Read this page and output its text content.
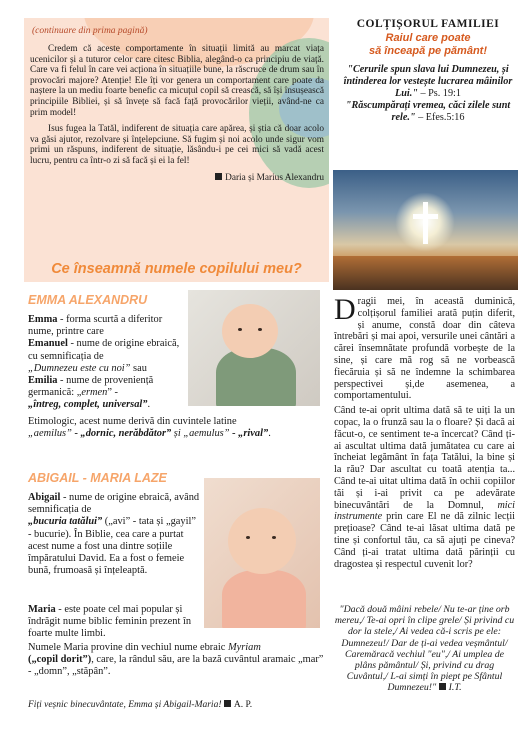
(continuare din prima pagină)

Credem că aceste comportamente în situații limită au marcat viața ucenicilor și a tuturor celor care citesc Biblia, alegând-o ca principiu de viață. Care va fi felul în care vei acționa în situațiile bune, la răscruce de drum sau în provocări majore? Atenție! Ele îți vor genera un comportament care poate da naștere la un mediu foarte benefic ca micuțul copil să crească, să își însușească principiile Bibliei, și să învețe să facă față provocărilor vieții, având-ne ca prim model!

Isus fugea la Tatăl, indiferent de situația care apărea, și știa că doar acolo va găsi ajutor, rezolvare și înțelepciune. Să fugim și noi acolo unde sigur vom primi un răspuns, indiferent de situație, lăsându-i pe cei mici să vadă acest lucru, pentru ca într-o zi să facă și ei la fel!

Daria și Marius Alexandru

COLȚIȘORUL FAMILIEI

Raiul care poate
să înceapă pe pământ!

"Cerurile spun slava lui Dumnezeu, și întinderea lor vestește lucrarea mâinilor Lui." – Ps. 19:1

"Răscumpărați vremea, căci zilele sunt rele." – Efes.5:16

Ce înseamnă numele copilului meu?

EMMA ALEXANDRU

Emma - forma scurtă a diferitor nume, printre care

Emanuel - nume de origine ebraică, cu semnificația de

„Dumnezeu este cu noi” sau

Emilia - nume de proveniență germanică: „ermen” -

„întreg, complet, universal”.

Etimologic, acest nume derivă din cuvintele latine

„aemilus” - „dornic, nerăbdător” și „aemulus” - „rival”.

ABIGAIL - MARIA LAZE

Abigail - nume de origine ebraică, având semnificația de
„bucuria tatălui” („avi” - tata și „gayil” - bucurie). În Biblie, cea care a purtat acest nume a fost una dintre soțiile împăratului David. Ea a fost o femeie bună, frumoasă și înțeleaptă.

Maria - este poate cel mai popular și îndrăgit nume biblic feminin prezent în foarte multe limbi.

Numele Maria provine din vechiul nume ebraic Myriam
(„copil dorit”), care, la rândul său, are la bază cuvântul aramaic „mar” - „domn”, „stăpân”.

Fiți veșnic binecuvântate, Emma și Abigail-Maria! A. P.

Dragii mei, în această duminică, colțișorul familiei arată puțin diferit, și anume, constă doar din câteva întrebări și mai apoi, versurile unei cântări a cărei însemnătate profundă vorbește de la sine, și care mă rog să ne vorbească fiecăruia și să ne îndemne la schimbarea perspectivei și,de asemenea, a comportamentului.

Când te-ai oprit ultima dată să te uiți la un copac, la o frunză sau la o floare? Și dacă ai făcut-o, ce sentiment te-a încercat? Când ți-ai ascultat ultima dată jumătatea cu care ai încheiat legământ în fața Tatălui, la bine și la rău? Dar ascultat cu toată atenția ta... Când te-ai uitat ultima dată în ochii copiilor tăi și i-ai privit ca pe adevărate binecuvântări de la Domnul, mici instrumente prin care El ne dă zilnic lecții prețioase? Când te-ai lăsat ultima dată pe tine și confortul tău, ca să ajuți pe cineva? Când ți-ai tratat ultima dată părinții cu dragostea și respectul cuvenit lor?

"Dacă două mâini rebele/ Nu te-ar ține orb mereu,/ Te-ai opri în clipe grele/ Și privind cu dor la stele,/ Ai vedea că-i scris pe ele: Dumnezeu!/ Dar de ți-ai vedea veșmântul/ Caremăracă vechiul "eu",/ Ai umplea de plâns pământul/ Și, privind cu drag Cuvântul,/ L-ai simți în piept pe Sfântul Dumnezeu!" I.T.
